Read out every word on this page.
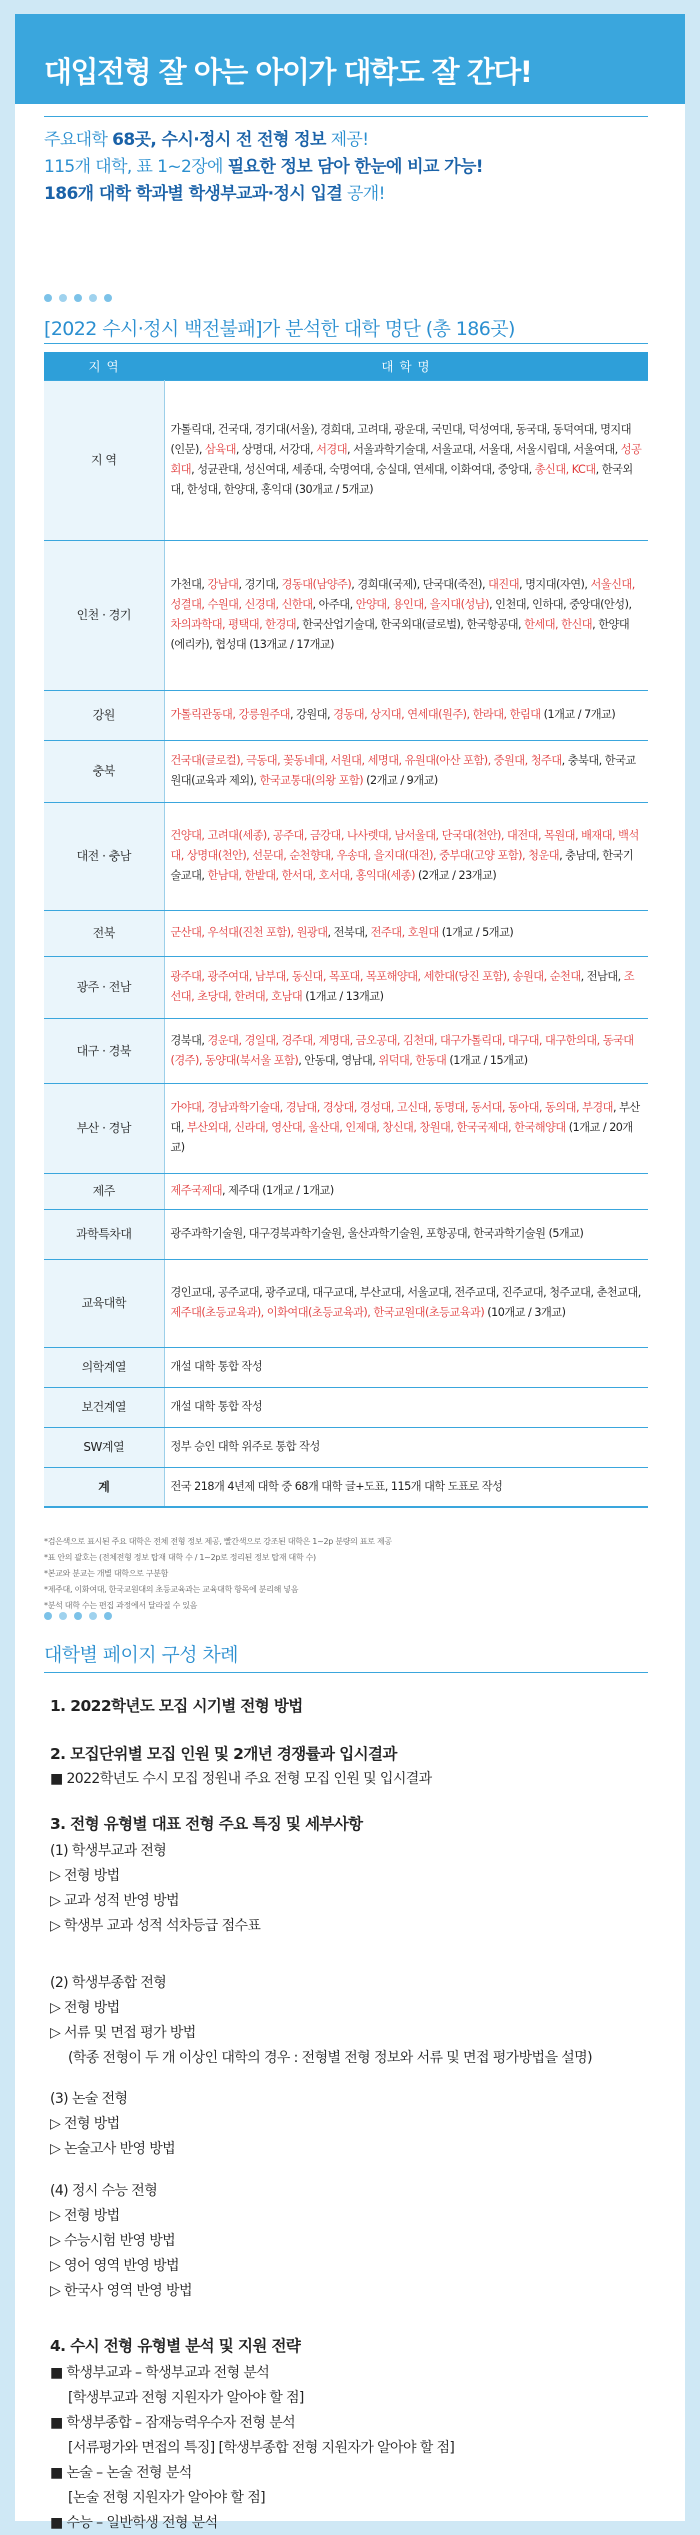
대입전형 잘 아는 아이가 대학도 잘 간다!
주요대학 68곳, 수시·정시 전 전형 정보 제공!
115개 대학, 표 1~2장에 필요한 정보 담아 한눈에 비교 가능!
186개 대학 학과별 학생부교과·정시 입결 공개!
[2022 수시·정시 백전불패]가 분석한 대학 명단 (총 186곳)
지 역	대 학 명
지 역	가톨릭대, 건국대, 경기대(서울), 경희대, 고려대, 광운대, 국민대, 덕성여대, 동국대, 동덕여대, 명지대(인문), 삼육대, 상명대, 서강대, 서경대, 서울과학기술대, 서울교대, 서울대, 서울시립대, 서울여대, 성공회대, 성균관대, 성신여대, 세종대, 숙명여대, 숭실대, 연세대, 이화여대, 중앙대, 총신대, KC대, 한국외대, 한성대, 한양대, 홍익대 (30개교 / 5개교)
인천 · 경기	가천대, 강남대, 경기대, 경동대(남양주), 경희대(국제), 단국대(죽전), 대진대, 명지대(자연), 서울신대, 성결대, 수원대, 신경대, 신한대, 아주대, 안양대, 용인대, 을지대(성남), 인천대, 인하대, 중앙대(안성), 차의과학대, 평택대, 한경대, 한국산업기술대, 한국외대(글로벌), 한국항공대, 한세대, 한신대, 한양대(에리카), 협성대 (13개교 / 17개교)
강원	가톨릭관동대, 강릉원주대, 강원대, 경동대, 상지대, 연세대(원주), 한라대, 한림대 (1개교 / 7개교)
충북	건국대(글로컬), 극동대, 꽃동네대, 서원대, 세명대, 유원대(아산 포함), 중원대, 청주대, 충북대, 한국교원대(교육과 제외), 한국교통대(의왕 포함) (2개교 / 9개교)
대전 · 충남	건양대, 고려대(세종), 공주대, 금강대, 나사렛대, 남서울대, 단국대(천안), 대전대, 목원대, 배재대, 백석대, 상명대(천안), 선문대, 순천향대, 우송대, 을지대(대전), 중부대(고양 포함), 청운대, 충남대, 한국기술교대, 한남대, 한밭대, 한서대, 호서대, 홍익대(세종) (2개교 / 23개교)
전북	군산대, 우석대(진천 포함), 원광대, 전북대, 전주대, 호원대 (1개교 / 5개교)
광주 · 전남	광주대, 광주여대, 남부대, 동신대, 목포대, 목포해양대, 세한대(당진 포함), 송원대, 순천대, 전남대, 조선대, 초당대, 한려대, 호남대 (1개교 / 13개교)
대구 · 경북	경북대, 경운대, 경일대, 경주대, 계명대, 금오공대, 김천대, 대구가톨릭대, 대구대, 대구한의대, 동국대(경주), 동양대(북서울 포함), 안동대, 영남대, 위덕대, 한동대 (1개교 / 15개교)
부산 · 경남	가야대, 경남과학기술대, 경남대, 경상대, 경성대, 고신대, 동명대, 동서대, 동아대, 동의대, 부경대, 부산대, 부산외대, 신라대, 영산대, 울산대, 인제대, 창신대, 창원대, 한국국제대, 한국해양대 (1개교 / 20개교)
제주	제주국제대, 제주대 (1개교 / 1개교)
과학특차대	광주과학기술원, 대구경북과학기술원, 울산과학기술원, 포항공대, 한국과학기술원 (5개교)
교육대학	경인교대, 공주교대, 광주교대, 대구교대, 부산교대, 서울교대, 전주교대, 진주교대, 청주교대, 춘천교대, 제주대(초등교육과), 이화여대(초등교육과), 한국교원대(초등교육과) (10개교 / 3개교)
의학계열	개설 대학 통합 작성
보건계열	개설 대학 통합 작성
SW계열	정부 승인 대학 위주로 통합 작성
계	전국 218개 4년제 대학 중 68개 대학 글+도표, 115개 대학 도표로 작성
*검은색으로 표시된 주요 대학은 전체 전형 정보 제공, 빨간색으로 강조된 대학은 1~2p 분량의 표로 제공
*표 안의 괄호는 (전체전형 정보 탑재 대학 수 / 1~2p로 정리된 정보 탑재 대학 수)
*본교와 분교는 개별 대학으로 구분함
*제주대, 이화여대, 한국교원대의 초등교육과는 교육대학 항목에 분리해 넣음
*분석 대학 수는 편집 과정에서 달라질 수 있음
대학별 페이지 구성 차례
1. 2022학년도 모집 시기별 전형 방법
2. 모집단위별 모집 인원 및 2개년 경쟁률과 입시결과
■ 2022학년도 수시 모집 정원내 주요 전형 모집 인원 및 입시결과
3. 전형 유형별 대표 전형 주요 특징 및 세부사항
(1) 학생부교과 전형
▷ 전형 방법
▷ 교과 성적 반영 방법
▷ 학생부 교과 성적 석차등급 점수표
(2) 학생부종합 전형
▷ 전형 방법
▷ 서류 및 면접 평가 방법
(학종 전형이 두 개 이상인 대학의 경우 : 전형별 전형 정보와 서류 및 면접 평가방법을 설명)
(3) 논술 전형
▷ 전형 방법
▷ 논술고사 반영 방법
(4) 정시 수능 전형
▷ 전형 방법
▷ 수능시험 반영 방법
▷ 영어 영역 반영 방법
▷ 한국사 영역 반영 방법
4. 수시 전형 유형별 분석 및 지원 전략
■ 학생부교과 – 학생부교과 전형 분석
[학생부교과 전형 지원자가 알아야 할 점]
■ 학생부종합 – 잠재능력우수자 전형 분석
[서류평가와 면접의 특징] [학생부종합 전형 지원자가 알아야 할 점]
■ 논술 – 논술 전형 분석
[논술 전형 지원자가 알아야 할 점]
■ 수능 – 일반학생 전형 분석
